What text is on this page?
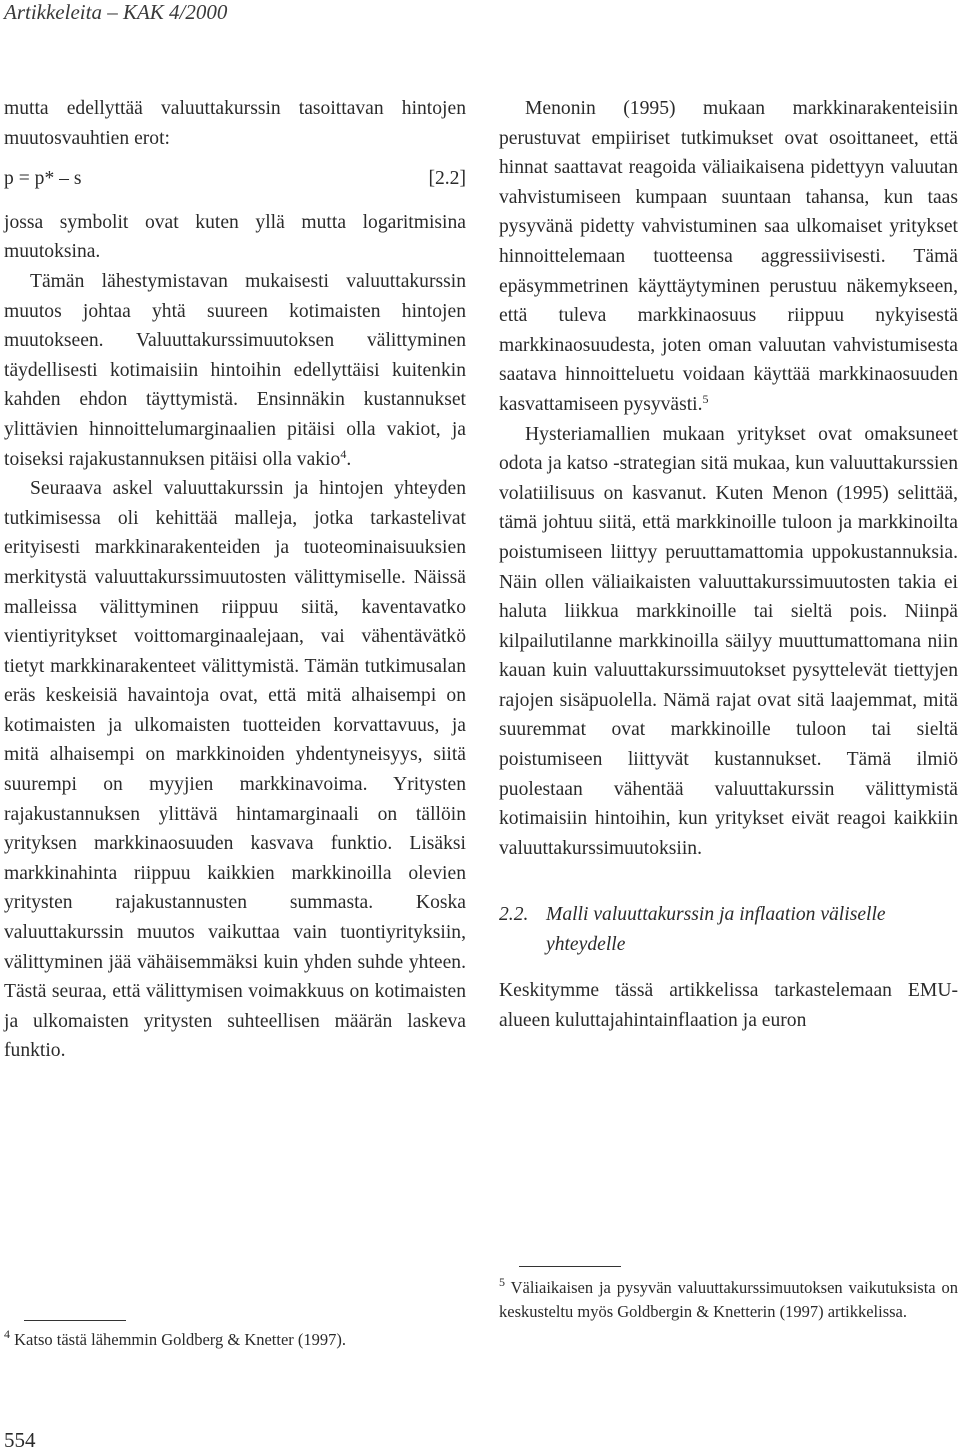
Artikkeleita – KAK 4/2000

mutta edellyttää valuuttakurssin tasoittavan hintojen muutosvauhtien erot:

p = p* – s	[2.2]

jossa symbolit ovat kuten yllä mutta logaritmisina muutoksina.

Tämän lähestymistavan mukaisesti valuuttakurssin muutos johtaa yhtä suureen kotimaisten hintojen muutokseen. Valuuttakurssimuutoksen välittyminen täydellisesti kotimaisiin hintoihin edellyttäisi kuitenkin kahden ehdon täyttymistä. Ensinnäkin kustannukset ylittävien hinnoittelumarginaalien pitäisi olla vakiot, ja toiseksi rajakustannuksen pitäisi olla vakio$^4$.

Seuraava askel valuuttakurssin ja hintojen yhteyden tutkimisessa oli kehittää malleja, jotka tarkastelivat erityisesti markkinarakenteiden ja tuoteominaisuuksien merkitystä valuuttakurssimuutosten välittymiselle. Näissä malleissa välittyminen riippuu siitä, kaventavatko vientiyritykset voittomarginaalejaan, vai vähentävätkö tietyt markkinarakenteet välittymistä. Tämän tutkimusalan eräs keskeisiä havaintoja ovat, että mitä alhaisempi on kotimaisten ja ulkomaisten tuotteiden korvattavuus, ja mitä alhaisempi on markkinoiden yhdentyneisyys, siitä suurempi on myyjien markkinavoima. Yritysten rajakustannuksen ylittävä hintamarginaali on tällöin yrityksen markkinaosuuden kasvava funktio. Lisäksi markkinahinta riippuu kaikkien markkinoilla olevien yritysten rajakustannusten summasta. Koska valuuttakurssin muutos vaikuttaa vain tuontiyrityksiin, välittyminen jää vähäisemmäksi kuin yhden suhde yhteen. Tästä seuraa, että välittymisen voimakkuus on kotimaisten ja ulkomaisten yritysten suhteellisen määrän laskeva funktio.

Menonin (1995) mukaan markkinarakenteisiin perustuvat empiiriset tutkimukset ovat osoittaneet, että hinnat saattavat reagoida väliaikaisena pidettyyn valuutan vahvistumiseen kumpaan suuntaan tahansa, kun taas pysyvänä pidetty vahvistuminen saa ulkomaiset yritykset hinnoittelemaan tuotteensa aggressiivisesti. Tämä epäsymmetrinen käyttäytyminen perustuu näkemykseen, että tuleva markkinaosuus riippuu nykyisestä markkinaosuudesta, joten oman valuutan vahvistumisesta saatava hinnoitteluetu voidaan käyttää markkinaosuuden kasvattamiseen pysyvästi.$^5$

Hysteriamallien mukaan yritykset ovat omaksuneet odota ja katso -strategian sitä mukaa, kun valuuttakurssien volatiilisuus on kasvanut. Kuten Menon (1995) selittää, tämä johtuu siitä, että markkinoille tuloon ja markkinoilta poistumiseen liittyy peruuttamattomia uppokustannuksia. Näin ollen väliaikaisten valuuttakurssimuutosten takia ei haluta liikkua markkinoille tai sieltä pois. Niinpä kilpailutilanne markkinoilla säilyy muuttumattomana niin kauan kuin valuuttakurssimuutokset pysyttelevät tiettyjen rajojen sisäpuolella. Nämä rajat ovat sitä laajemmat, mitä suuremmat ovat markkinoille tuloon tai sieltä poistumiseen liittyvät kustannukset. Tämä ilmiö puolestaan vähentää valuuttakurssin välittymistä kotimaisiin hintoihin, kun yritykset eivät reagoi kaikkiin valuuttakurssimuutoksiin.

2.2. Malli valuuttakurssin ja inflaation väliselle yhteydelle

Keskitymme tässä artikkelissa tarkastelemaan EMU-alueen kuluttajahintainflaation ja euron

$^4$ Katso tästä lähemmin Goldberg & Knetter (1997).
$^5$ Väliaikaisen ja pysyvän valuuttakurssimuutoksen vaikutuksista on keskusteltu myös Goldbergin & Knetterin (1997) artikkelissa.
554
